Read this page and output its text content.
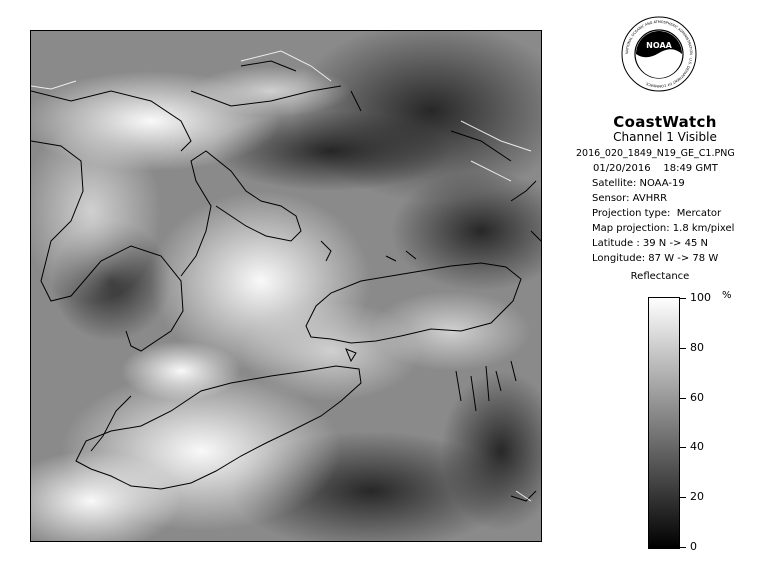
NOAA
NATIONAL OCEANIC AND ATMOSPHERIC ADMINISTRATION · U.S. DEPARTMENT OF COMMERCE
CoastWatch
Channel 1 Visible
2016_020_1849_N19_GE_C1.PNG
01/20/2016    18:49 GMT
Satellite: NOAA-19
Sensor: AVHRR
Projection type:  Mercator
Map projection: 1.8 km/pixel
Latitude : 39 N -> 45 N
Longitude: 87 W -> 78 W
Reflectance
%
100
80
60
40
20
0
